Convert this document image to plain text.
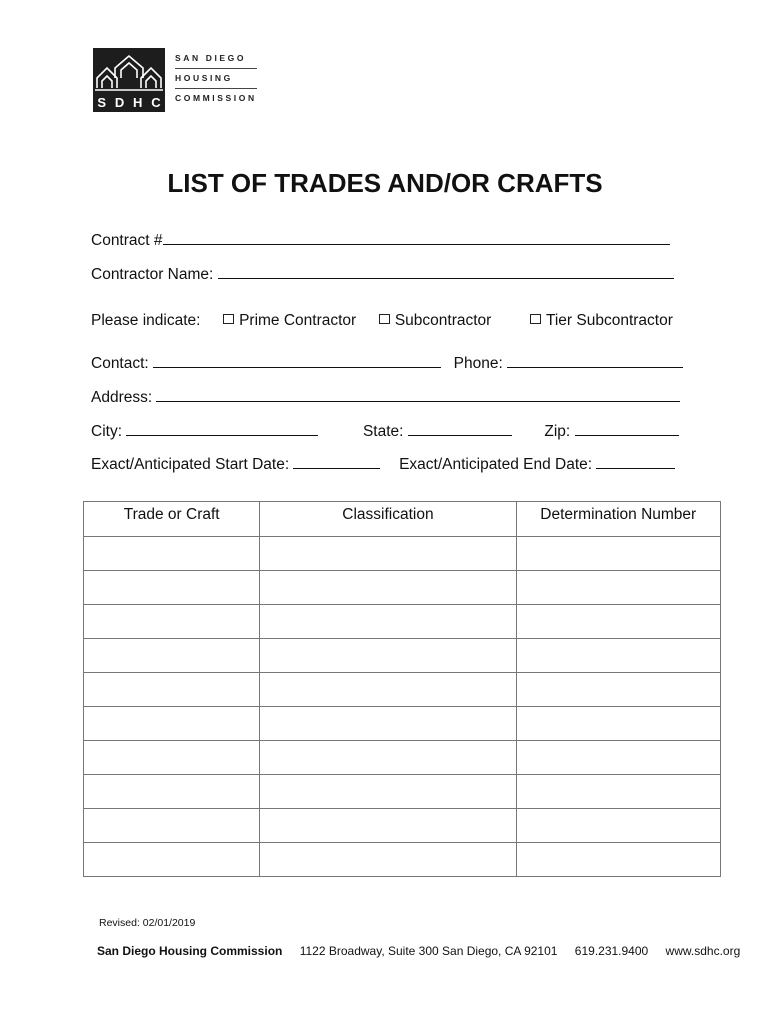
S D H C
SAN DIEGO
HOUSING
COMMISSION
LIST OF TRADES AND/OR CRAFTS
Contract #
Contractor Name:
Please indicate: Prime Contractor Subcontractor	Tier Subcontractor
Contact:	Phone:
Address:
City:	State:	Zip:
Exact/Anticipated Start Date:	Exact/Anticipated End Date:
Trade or Craft	Classification	Determination Number

Revised: 02/01/2019
San Diego Housing Commission 1122 Broadway, Suite 300 San Diego, CA 92101 619.231.9400 www.sdhc.org
